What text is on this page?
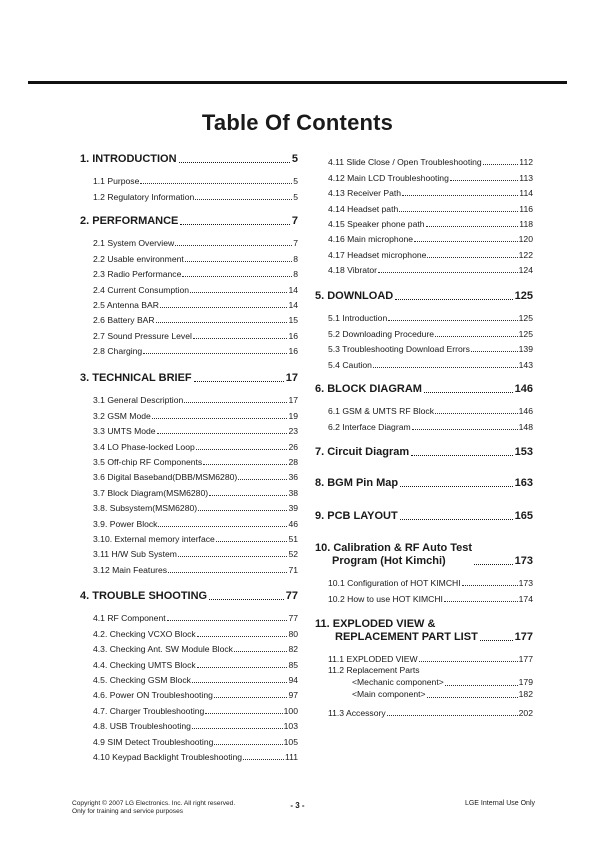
Table Of Contents
1. INTRODUCTION	5
1.1 Purpose	5
1.2 Regulatory Information	5
2. PERFORMANCE	7
2.1 System Overview	7
2.2 Usable environment	8
2.3 Radio Performance	8
2.4 Current Consumption	14
2.5 Antenna BAR	14
2.6 Battery BAR	15
2.7 Sound Pressure Level	16
2.8 Charging	16
3. TECHNICAL BRIEF	17
3.1 General Description	17
3.2 GSM Mode	19
3.3 UMTS Mode	23
3.4 LO Phase-locked Loop	26
3.5 Off-chip RF Components	28
3.6 Digital Baseband(DBB/MSM6280)	36
3.7 Block Diagram(MSM6280)	38
3.8. Subsystem(MSM6280)	39
3.9. Power Block	46
3.10. External memory interface	51
3.11 H/W Sub System	52
3.12 Main Features	71
4. TROUBLE SHOOTING	77
4.1 RF Component	77
4.2. Checking VCXO Block	80
4.3. Checking Ant. SW Module Block	82
4.4. Checking UMTS Block	85
4.5. Checking GSM Block	94
4.6. Power ON Troubleshooting	97
4.7. Charger Troubleshooting	100
4.8. USB Troubleshooting	103
4.9 SIM Detect Troubleshooting	105
4.10 Keypad Backlight Troubleshooting	111
4.11 Slide Close / Open Troubleshooting	112
4.12 Main LCD Troubleshooting	113
4.13 Receiver Path	114
4.14 Headset path	116
4.15 Speaker phone path	118
4.16 Main microphone	120
4.17 Headset microphone	122
4.18 Vibrator	124
5. DOWNLOAD	125
5.1 Introduction	125
5.2 Downloading Procedure	125
5.3 Troubleshooting Download Errors	139
5.4 Caution	143
6. BLOCK DIAGRAM	146
6.1 GSM & UMTS RF Block	146
6.2 Interface Diagram	148
7. Circuit Diagram	153
8. BGM Pin Map	163
9. PCB LAYOUT	165
10. Calibration & RF Auto Test
Program (Hot Kimchi)	173
10.1 Configuration of HOT KIMCHI	173
10.2 How to use HOT KIMCHI	174
11. EXPLODED VIEW &
REPLACEMENT PART LIST	177
11.1 EXPLODED VIEW	177
11.2 Replacement Parts
<Mechanic component>	179
<Main component>	182
11.3 Accessory	202
Copyright © 2007 LG Electronics. Inc. All right reserved.
Only for training and service purposes
- 3 -	LGE Internal Use Only
